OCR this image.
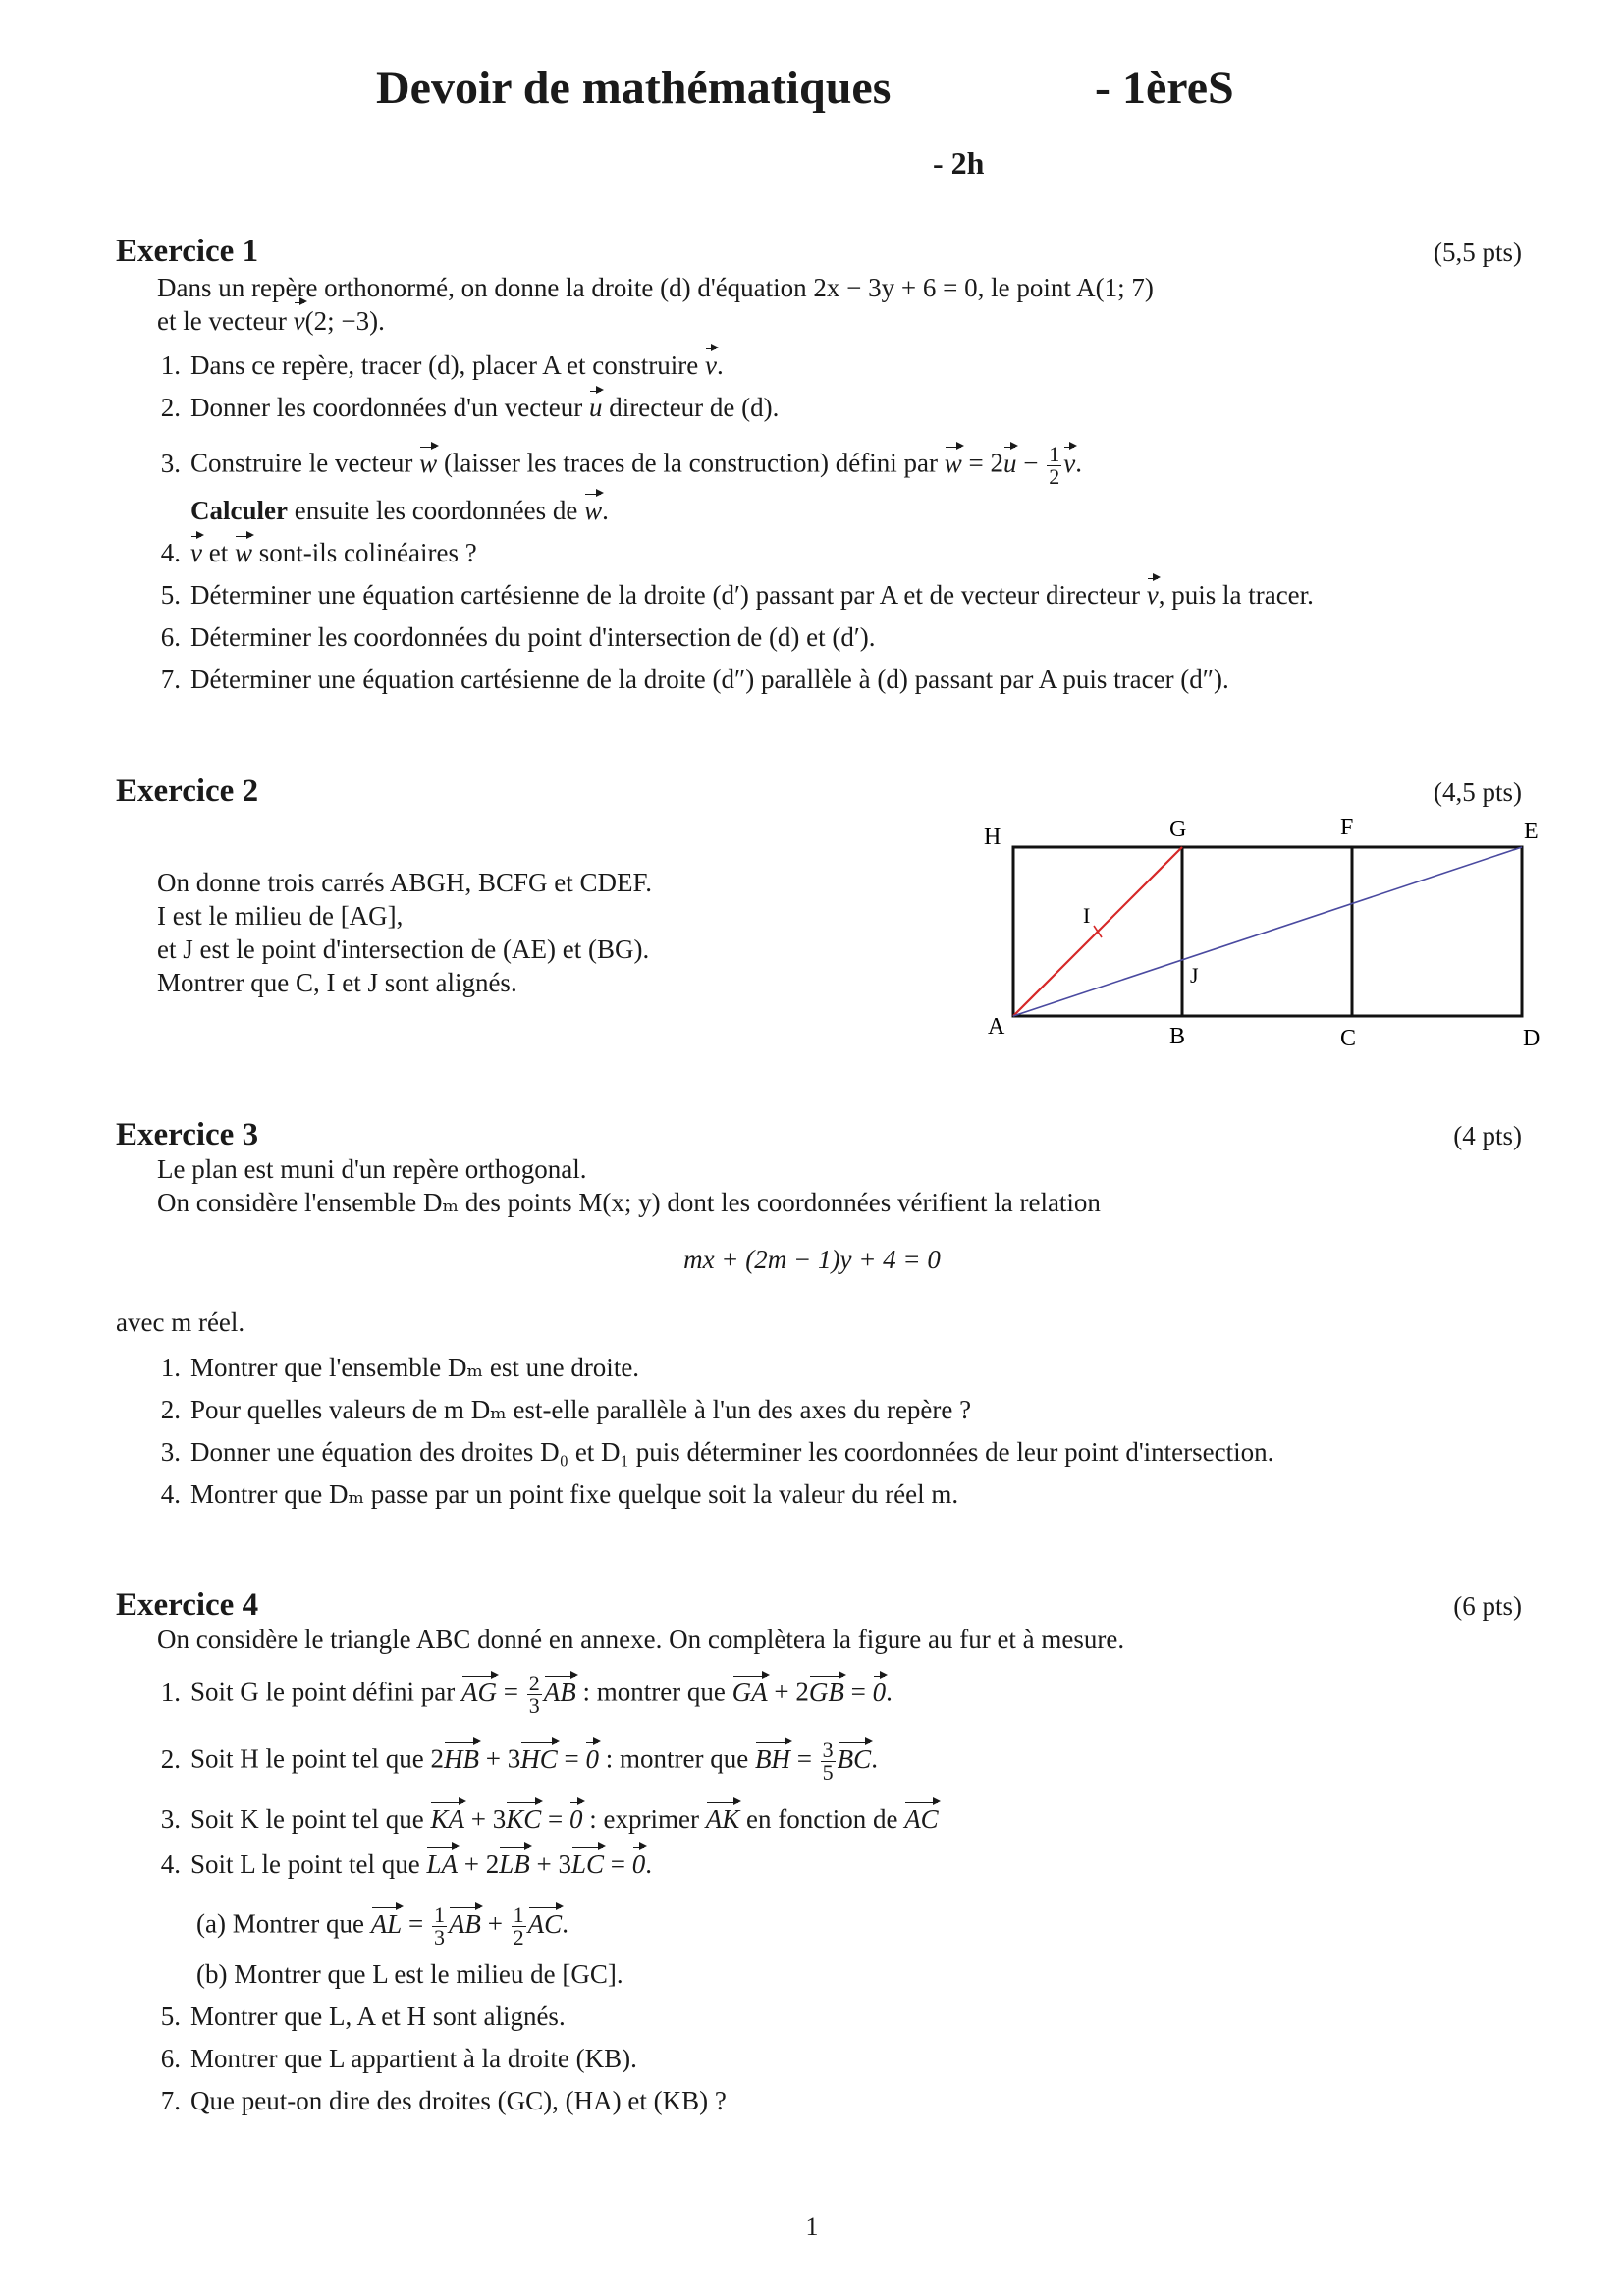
Devoir de mathématiques	- 1èreS
- 2h
Exercice 1	(5,5 pts)
Dans un repère orthonormé, on donne la droite (d) d'équation 2x − 3y + 6 = 0, le point A(1; 7)
et le vecteur v(2; −3).
1. Dans ce repère, tracer (d), placer A et construire v.
2. Donner les coordonnées d'un vecteur u directeur de (d).
3. Construire le vecteur w (laisser les traces de la construction) défini par $w = 2u - \frac{1}{2} v$.
Calculer ensuite les coordonnées de w.
4. v et w sont-ils colinéaires ?
5. Déterminer une équation cartésienne de la droite (d′) passant par A et de vecteur directeur v, puis la tracer.
6. Déterminer les coordonnées du point d'intersection de (d) et (d′).
7. Déterminer une équation cartésienne de la droite (d″) parallèle à (d) passant par A puis tracer (d″).
Exercice 2	(4,5 pts)
On donne trois carrés ABGH, BCFG et CDEF.
I est le milieu de [AG],
et J est le point d'intersection de (AE) et (BG).
Montrer que C, I et J sont alignés.
H	G	F	E
A	B	C	D
I
J
Exercice 3	(4 pts)
Le plan est muni d'un repère orthogonal.
On considère l'ensemble Dₘ des points M(x; y) dont les coordonnées vérifient la relation
mx + (2m − 1)y + 4 = 0
avec m réel.
1. Montrer que l'ensemble Dₘ est une droite.
2. Pour quelles valeurs de m Dₘ est-elle parallèle à l'un des axes du repère ?
3. Donner une équation des droites D₀ et D₁ puis déterminer les coordonnées de leur point d'intersection.
4. Montrer que Dₘ passe par un point fixe quelque soit la valeur du réel m.
Exercice 4	(6 pts)
On considère le triangle ABC donné en annexe. On complètera la figure au fur et à mesure.
1. Soit G le point défini par AG = $\frac{2}{3}$ AB : montrer que GA + 2GB = 0.
2. Soit H le point tel que 2HB + 3HC = 0 : montrer que BH = $\frac{3}{5}$ BC.
3. Soit K le point tel que KA + 3KC = 0 : exprimer AK en fonction de AC
4. Soit L le point tel que LA + 2LB + 3LC = 0.
(a) Montrer que AL = $\frac{1}{3}$ AB + $\frac{1}{2}$ AC.
(b) Montrer que L est le milieu de [GC].
5. Montrer que L, A et H sont alignés.
6. Montrer que L appartient à la droite (KB).
7. Que peut-on dire des droites (GC), (HA) et (KB) ?
1
